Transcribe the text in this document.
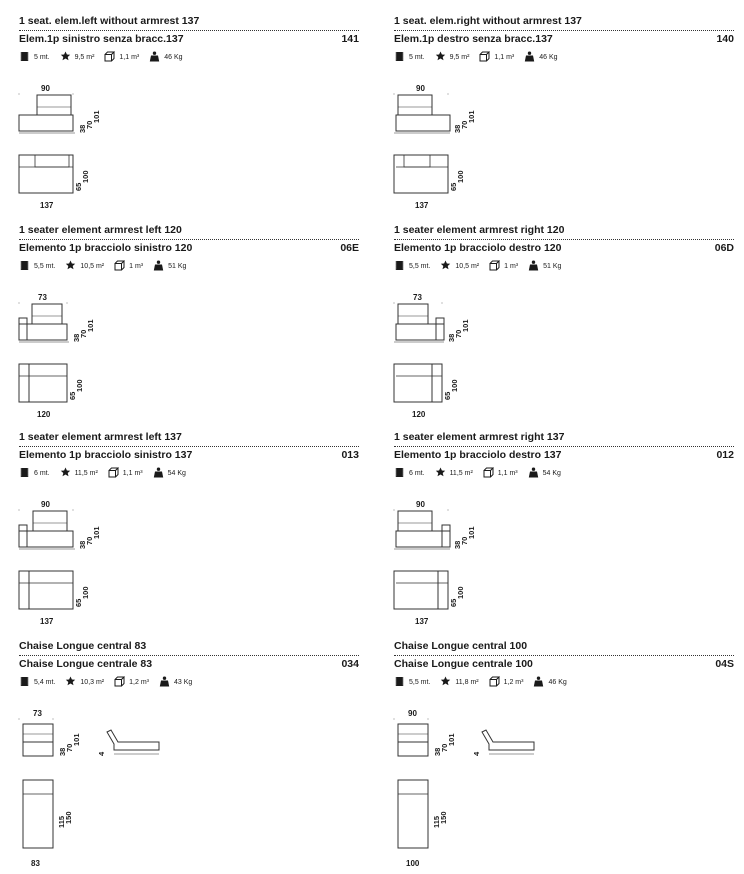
1 seat. elem.left without armrest 137
Elem.1p sinistro senza bracc.137	141
5 mt.	9,5 m²	1,1 m³	46 Kg
90
38
70
101
65
100
137
1 seat. elem.right without armrest 137
Elem.1p destro senza bracc.137	140
5 mt.	9,5 m²	1,1 m³	46 Kg
90
38
70
101
65
100
137
1 seater element armrest left 120
Elemento 1p bracciolo sinistro 120	06E
5,5 mt.	10,5 m²	1 m³	51 Kg
73
38
70
101
65
100
120
1 seater element armrest right 120
Elemento 1p bracciolo destro 120	06D
5,5 mt.	10,5 m²	1 m³	51 Kg
73
38
70
101
65
100
120
1 seater element armrest left 137
Elemento 1p bracciolo sinistro 137	013
6 mt.	11,5 m²	1,1 m³	54 Kg
90
38
70
101
65
100
137
1 seater element armrest right 137
Elemento 1p bracciolo destro 137	012
6 mt.	11,5 m²	1,1 m³	54 Kg
90
38
70
101
65
100
137
Chaise Longue central 83
Chaise Longue centrale 83	034
5,4 mt.	10,3 m²	1,2 m³	43 Kg
73
38
70
101
4
115
150
83
Chaise Longue central 100
Chaise Longue centrale 100	04S
5,5 mt.	11,8 m²	1,2 m³	46 Kg
90
38
70
101
4
115
150
100
